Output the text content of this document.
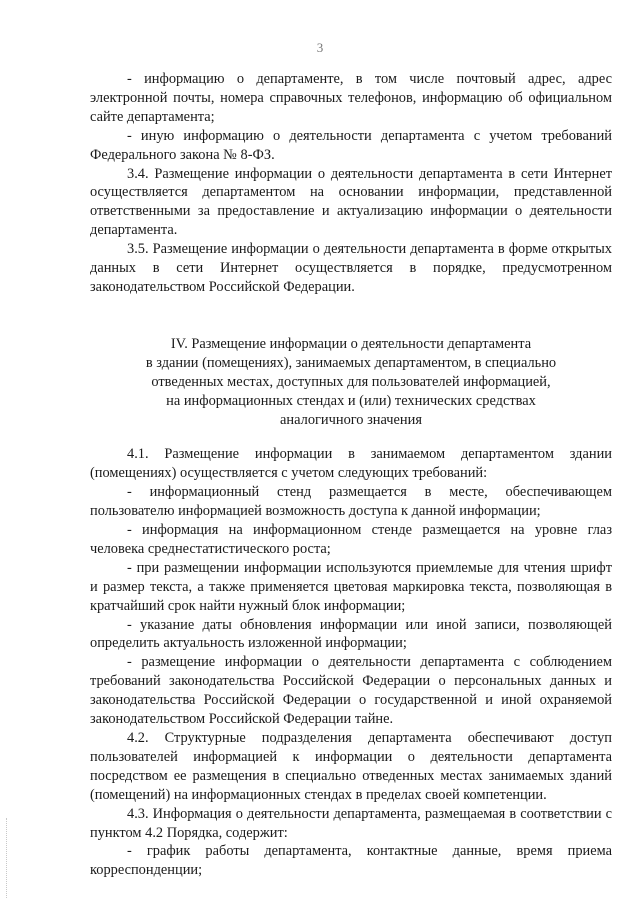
3

- информацию о департаменте, в том числе почтовый адрес, адрес электронной почты, номера справочных телефонов, информацию об официальном сайте департамента;

- иную информацию о деятельности департамента с учетом требований Федерального закона № 8-ФЗ.

3.4. Размещение информации о деятельности департамента в сети Интернет осуществляется департаментом на основании информации, представленной ответственными за предоставление и актуализацию информации о деятельности департамента.

3.5. Размещение информации о деятельности департамента в форме открытых данных в сети Интернет осуществляется в порядке, предусмотренном законодательством Российской Федерации.

IV. Размещение информации о деятельности департамента
в здании (помещениях), занимаемых департаментом, в специально
отведенных местах, доступных для пользователей информацией,
на информационных стендах и (или) технических средствах
аналогичного значения

4.1. Размещение информации в занимаемом департаментом здании (помещениях) осуществляется с учетом следующих требований:

- информационный стенд размещается в месте, обеспечивающем пользователю информацией возможность доступа к данной информации;

- информация на информационном стенде размещается на уровне глаз человека среднестатистического роста;

- при размещении информации используются приемлемые для чтения шрифт и размер текста, а также применяется цветовая маркировка текста, позволяющая в кратчайший срок найти нужный блок информации;

- указание даты обновления информации или иной записи, позволяющей определить актуальность изложенной информации;

- размещение информации о деятельности департамента с соблюдением требований законодательства Российской Федерации о персональных данных и законодательства Российской Федерации о государственной и иной охраняемой законодательством Российской Федерации тайне.

4.2. Структурные подразделения департамента обеспечивают доступ пользователей информацией к информации о деятельности департамента посредством ее размещения в специально отведенных местах занимаемых зданий (помещений) на информационных стендах в пределах своей компетенции.

4.3. Информация о деятельности департамента, размещаемая в соответствии с пунктом 4.2 Порядка, содержит:

- график работы департамента, контактные данные, время приема корреспонденции;
